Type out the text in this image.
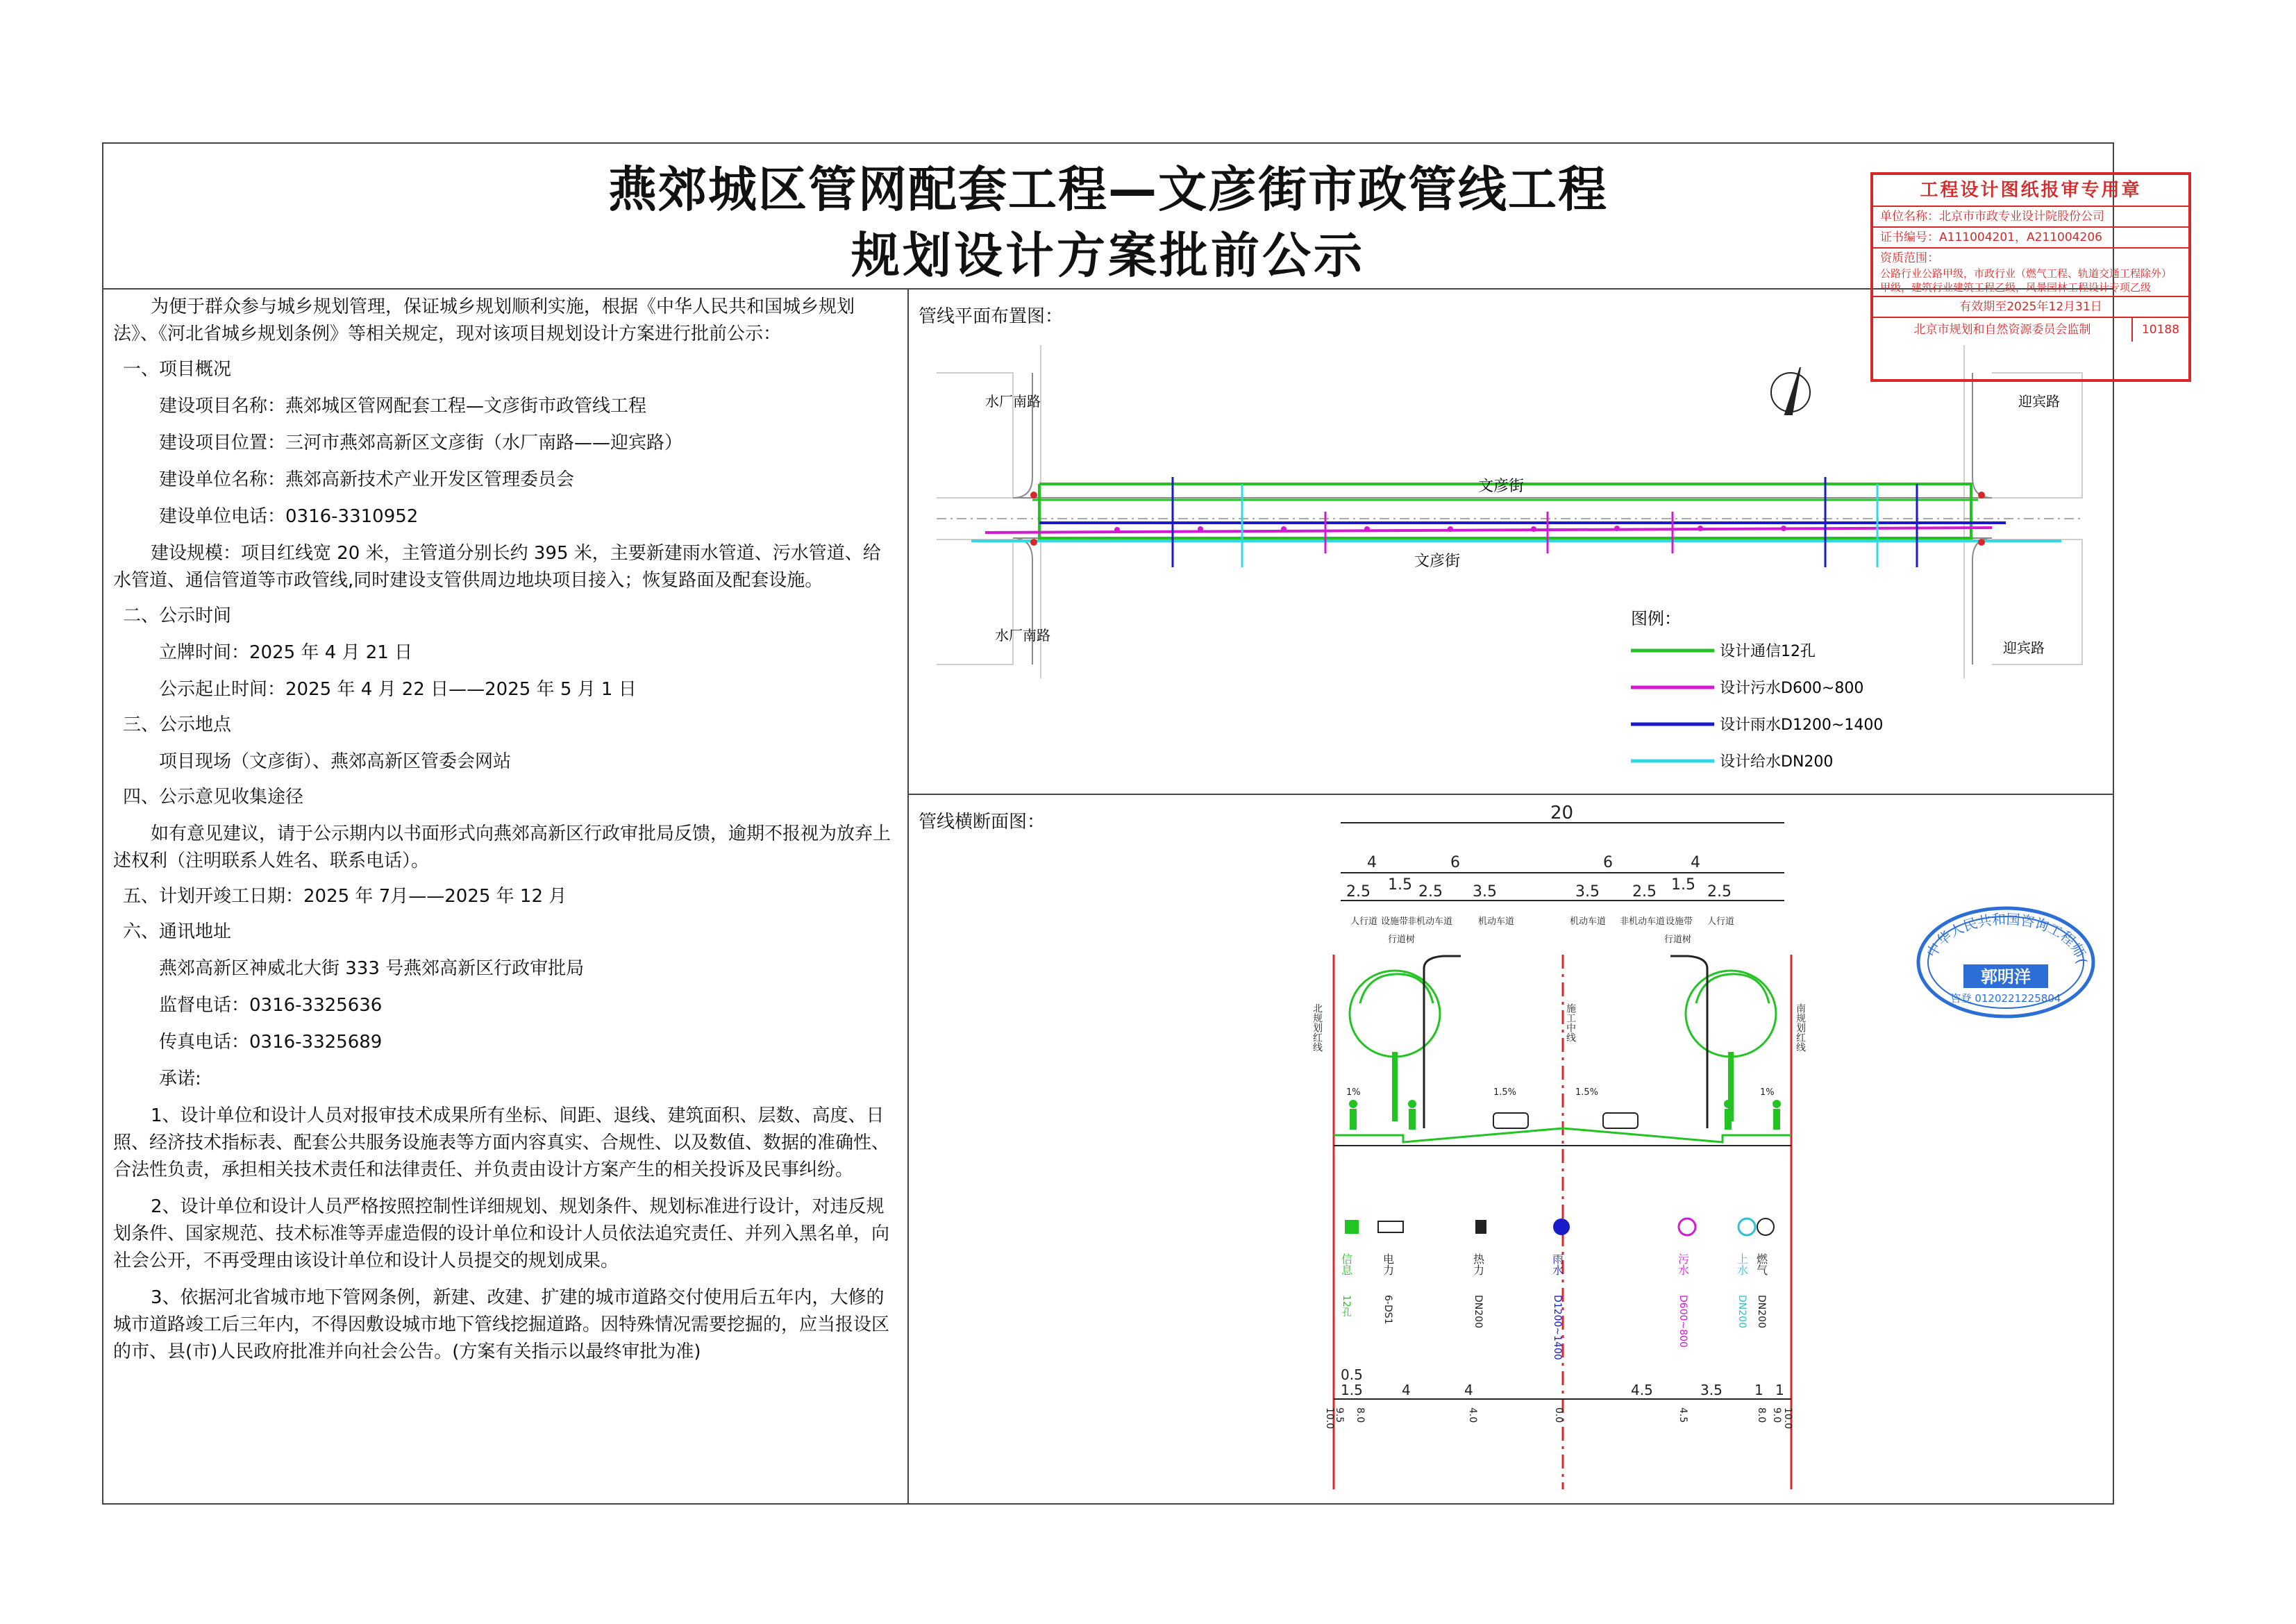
燕郊城区管网配套工程—文彦街市政管线工程
规划设计方案批前公示

为便于群众参与城乡规划管理，保证城乡规划顺利实施，根据《中华人民共和国城乡规划法》、《河北省城乡规划条例》等相关规定，现对该项目规划设计方案进行批前公示：

一、项目概况

建设项目名称：燕郊城区管网配套工程—文彦街市政管线工程

建设项目位置：三河市燕郊高新区文彦街（水厂南路——迎宾路）

建设单位名称：燕郊高新技术产业开发区管理委员会

建设单位电话：0316-3310952

建设规模：项目红线宽 20 米，主管道分别长约 395 米，主要新建雨水管道、污水管道、给水管道、通信管道等市政管线,同时建设支管供周边地块项目接入；恢复路面及配套设施。

二、公示时间

立牌时间：2025 年 4 月 21 日

公示起止时间：2025 年 4 月 22 日——2025 年 5 月 1 日

三、公示地点

项目现场（文彦街）、燕郊高新区管委会网站

四、公示意见收集途径

如有意见建议，请于公示期内以书面形式向燕郊高新区行政审批局反馈，逾期不报视为放弃上述权利（注明联系人姓名、联系电话）。

五、计划开竣工日期：2025 年 7月——2025 年 12 月

六、通讯地址

燕郊高新区神威北大街 333 号燕郊高新区行政审批局

监督电话：0316-3325636

传真电话：0316-3325689

承诺:

1、设计单位和设计人员对报审技术成果所有坐标、间距、退线、建筑面积、层数、高度、日照、经济技术指标表、配套公共服务设施表等方面内容真实、合规性、以及数值、数据的准确性、合法性负责，承担相关技术责任和法律责任、并负责由设计方案产生的相关投诉及民事纠纷。

2、设计单位和设计人员严格按照控制性详细规划、规划条件、规划标准进行设计，对违反规划条件、国家规范、技术标准等弄虚造假的设计单位和设计人员依法追究责任、并列入黑名单，向社会公开，不再受理由该设计单位和设计人员提交的规划成果。

3、依据河北省城市地下管网条例，新建、改建、扩建的城市道路交付使用后五年内，大修的城市道路竣工后三年内，不得因敷设城市地下管线挖掘道路。因特殊情况需要挖掘的，应当报设区的市、县(市)人民政府批准并向社会公告。(方案有关指示以最终审批为准)

管线平面布置图：
文彦街
文彦街
水厂南路
水厂南路
迎宾路
迎宾路
图例：
设计通信12孔
设计污水D600~800
设计雨水D1200~1400
设计给水DN200
管线横断面图：	20
4	6	6	4
2.5 1.5 2.5 3.5	3.5 2.5 1.5 2.5
人行道 设施带
非机动车道	机动车道	机动车道 非机动车道 设施带 人行道
行道树	行道树
北规划红线	南规划红线
施工中线
1%	1.5%	1.5%	1%
信息	电力	热力	雨水	污水	上水 燃气
12孔	6-DS1	DN200	D1200~1400	D600~800	DN200 DN200
0.5
1.5	4	4	4.5	3.5 1 1
10.0
9.5 8.0	4.0	0.0	4.5	8.0 9.0 10.0
工程设计图纸报审专用章
单位名称：北京市市政专业设计院股份公司
证书编号：A111004201，A211004206
资质范围：
公路行业公路甲级，市政行业（燃气工程、轨道交通工程除外）甲级，建筑行业建筑工程乙级，风景园林工程设计专项乙级
有效期至2025年12月31日
北京市规划和自然资源委员会监制	10188
中华人民共和国咨询工程师(
郭明洋
咨登 0120221225804
